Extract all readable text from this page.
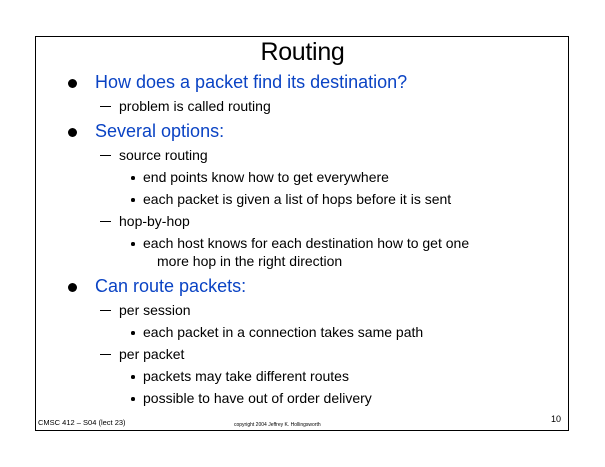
Routing
How does a packet find its destination?
problem is called routing
Several options:
source routing
end points know how to get everywhere
each packet is given a list of hops before it is sent
hop-by-hop
each host knows for each destination how to get one
more hop in the right direction
Can route packets:
per session
each packet in a connection takes same path
per packet
packets may take different routes
possible to have out of order delivery
CMSC 412 – S04 (lect 23)	copyright 2004 Jeffrey K. Hollingsworth
10
